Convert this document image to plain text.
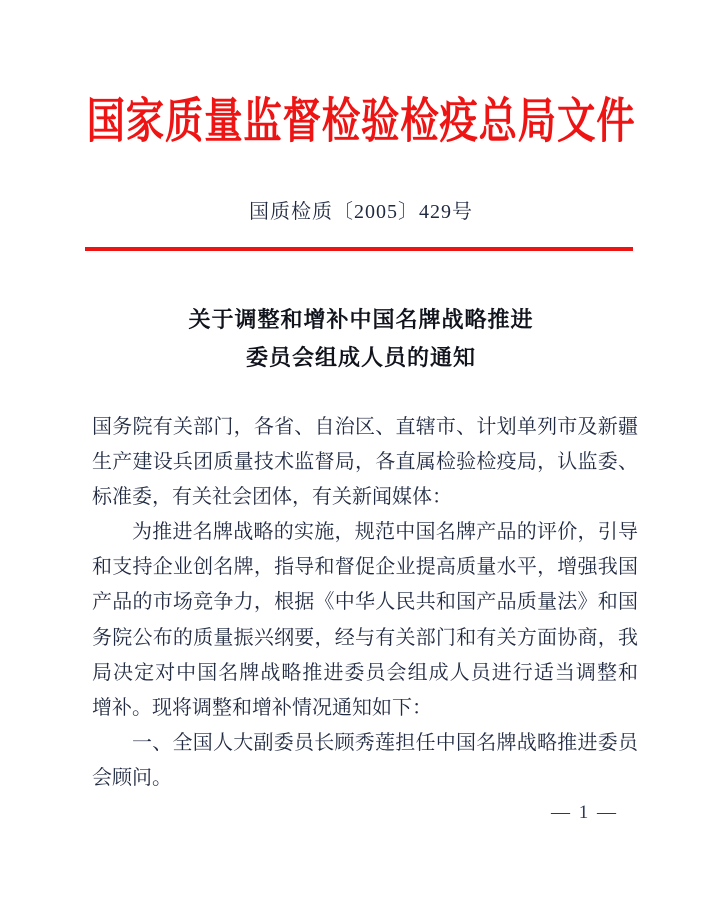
国家质量监督检验检疫总局文件
国质检质〔2005〕429号
关于调整和增补中国名牌战略推进
委员会组成人员的通知
国务院有关部门，各省、自治区、直辖市、计划单列市及新疆
生产建设兵团质量技术监督局，各直属检验检疫局，认监委、
标准委，有关社会团体，有关新闻媒体：
为推进名牌战略的实施，规范中国名牌产品的评价，引导
和支持企业创名牌，指导和督促企业提高质量水平，增强我国
产品的市场竞争力，根据《中华人民共和国产品质量法》和国
务院公布的质量振兴纲要，经与有关部门和有关方面协商，我
局决定对中国名牌战略推进委员会组成人员进行适当调整和
增补。现将调整和增补情况通知如下：
一、全国人大副委员长顾秀莲担任中国名牌战略推进委员
会顾问。
— 1 —
